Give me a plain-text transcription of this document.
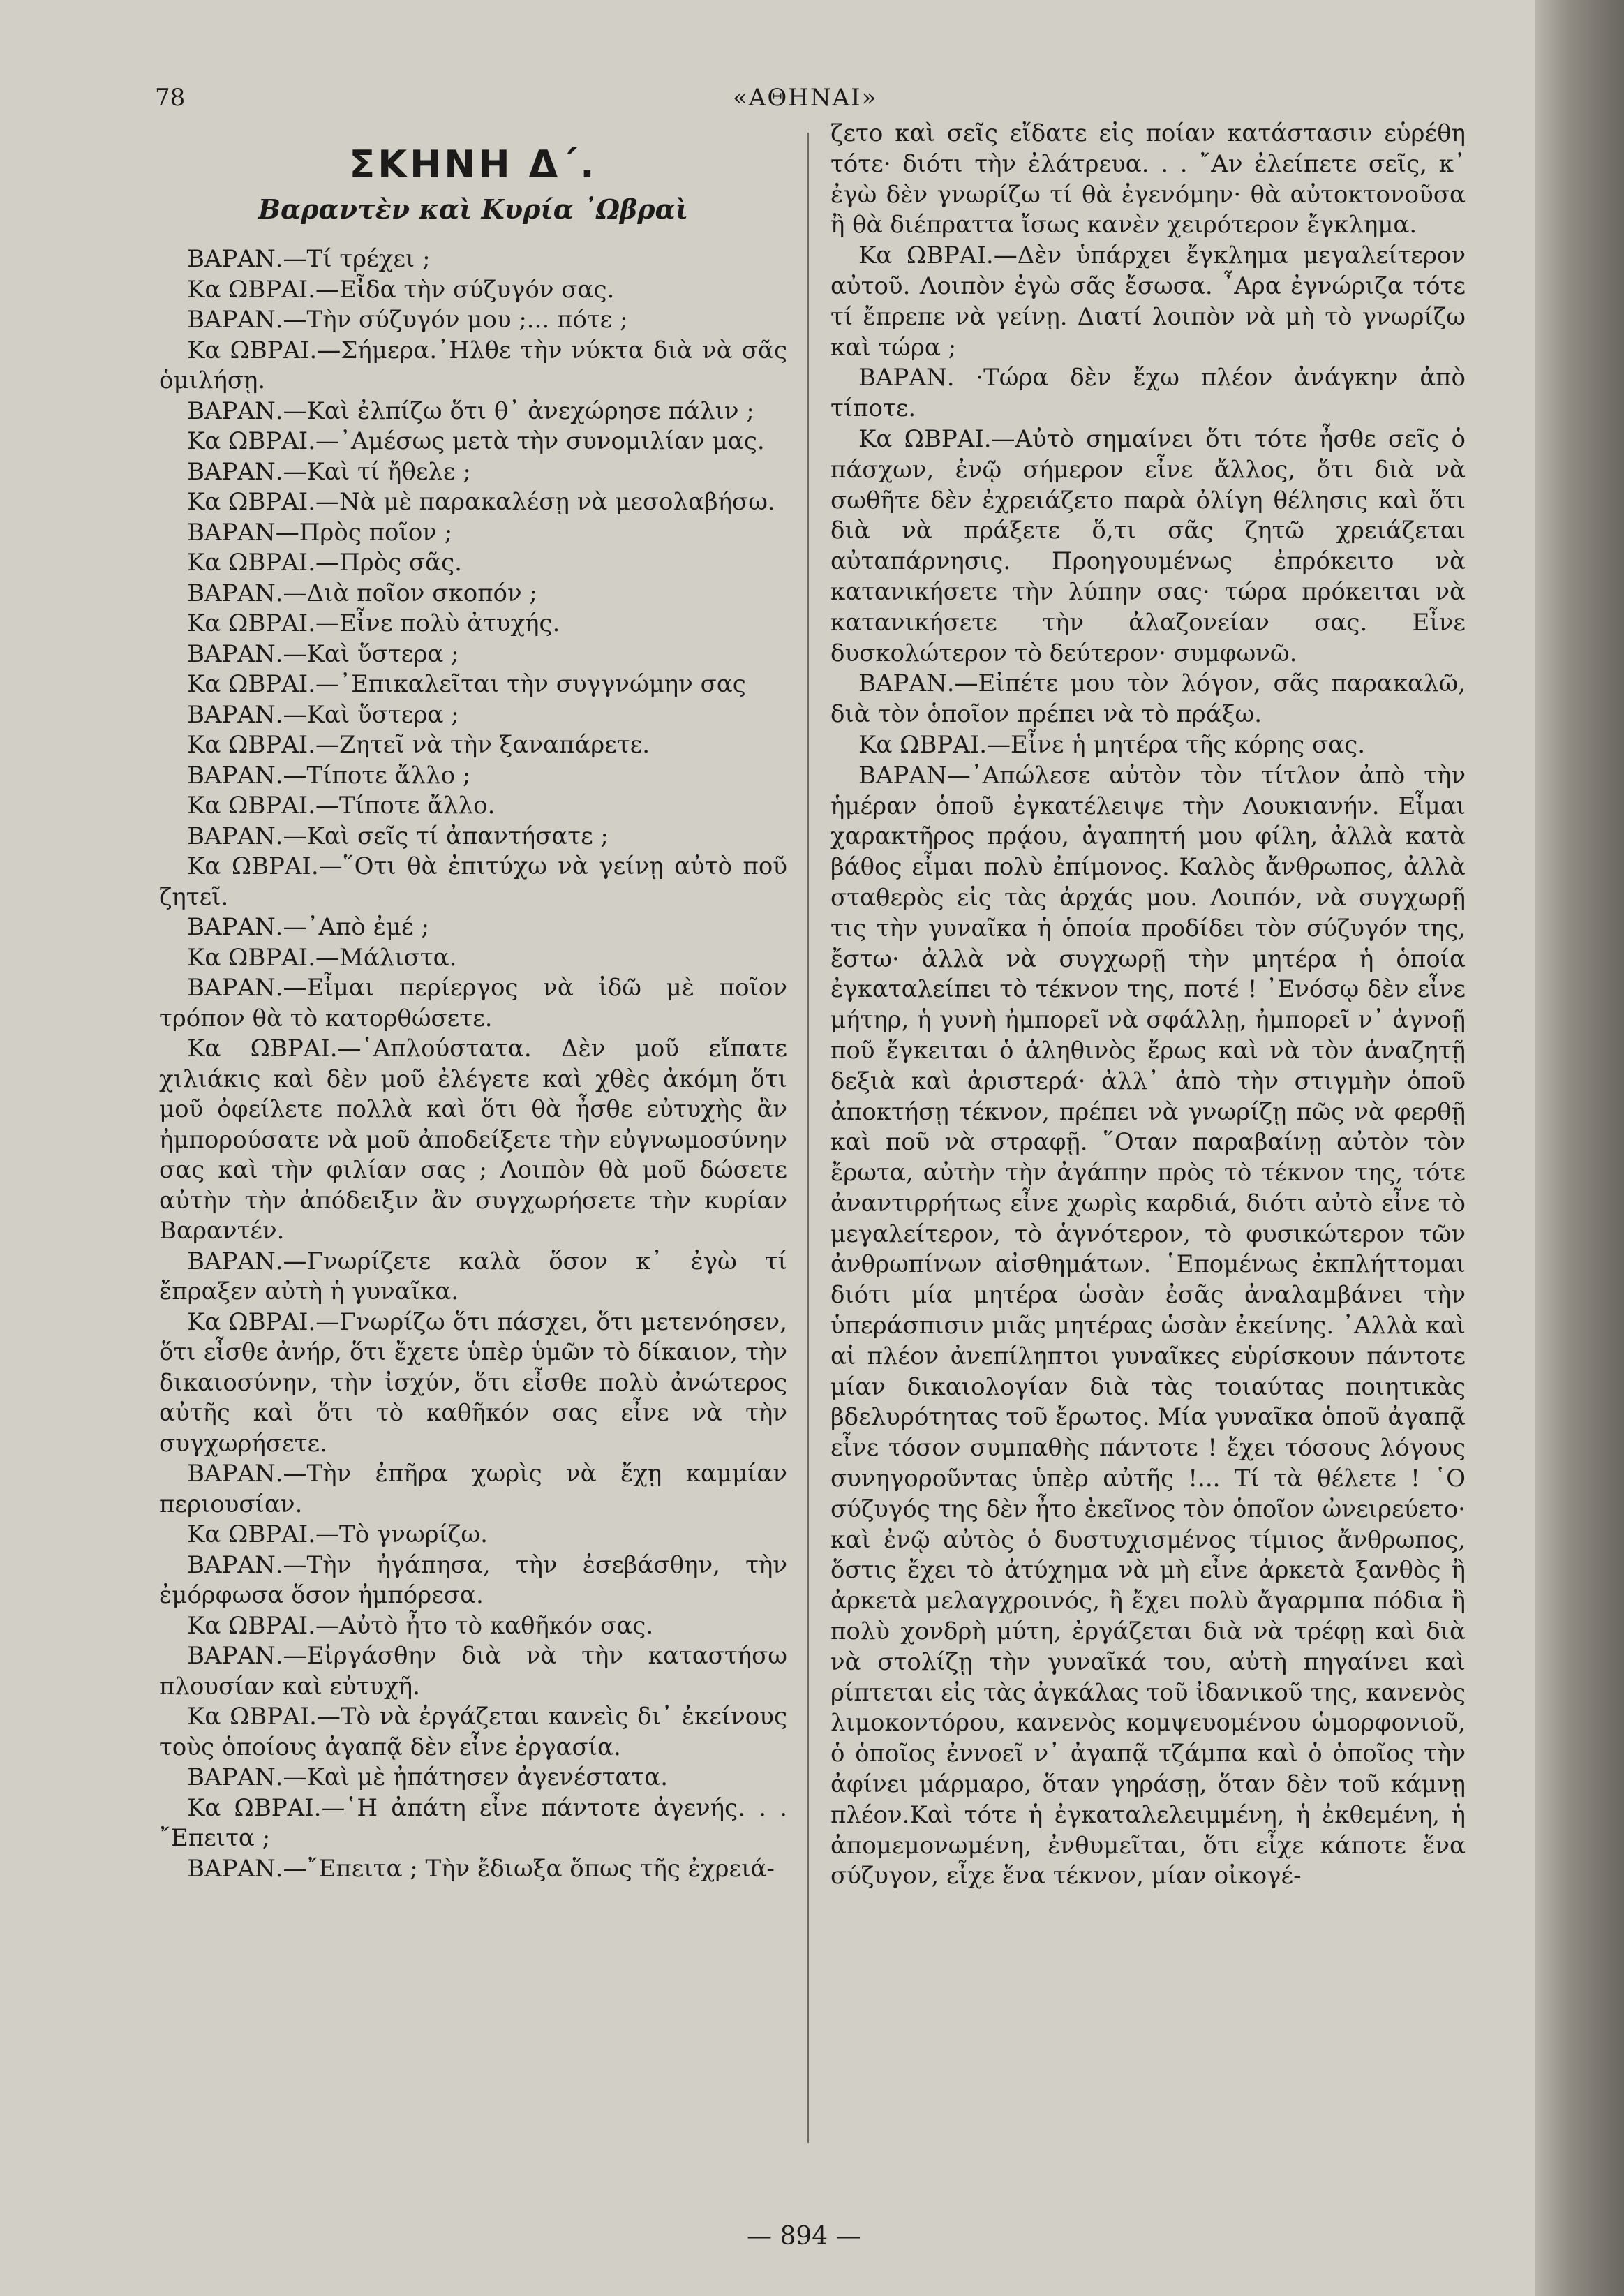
78	«ΑΘΗΝΑΙ»
ΣΚΗΝΗ Δ΄.
Βαραντὲν καὶ Κυρία ᾿Ωβραὶ

ΒΑΡΑΝ.—Τί τρέχει ;

Κα ΩΒΡΑΙ.—Εἶδα τὴν σύζυγόν σας.

ΒΑΡΑΝ.—Τὴν σύζυγόν μου ;... πότε ;

Κα ΩΒΡΑΙ.—Σήμερα.᾿Ηλθε τὴν νύκτα διὰ νὰ σᾶς ὁμιλήσῃ.

ΒΑΡΑΝ.—Καὶ ἐλπίζω ὅτι θ᾿ ἀνεχώρησε πάλιν ;

Κα ΩΒΡΑΙ.—᾿Αμέσως μετὰ τὴν συνομιλίαν μας.

ΒΑΡΑΝ.—Καὶ τί ἤθελε ;

Κα ΩΒΡΑΙ.—Νὰ μὲ παρακαλέσῃ νὰ μεσολαβήσω.

ΒΑΡΑΝ—Πρὸς ποῖον ;

Κα ΩΒΡΑΙ.—Πρὸς σᾶς.

ΒΑΡΑΝ.—Διὰ ποῖον σκοπόν ;

Κα ΩΒΡΑΙ.—Εἶνε πολὺ ἀτυχής.

ΒΑΡΑΝ.—Καὶ ὕστερα ;

Κα ΩΒΡΑΙ.—᾿Επικαλεῖται τὴν συγγνώμην σας

ΒΑΡΑΝ.—Καὶ ὕστερα ;

Κα ΩΒΡΑΙ.—Ζητεῖ νὰ τὴν ξαναπάρετε.

ΒΑΡΑΝ.—Τίποτε ἄλλο ;

Κα ΩΒΡΑΙ.—Τίποτε ἄλλο.

ΒΑΡΑΝ.—Καὶ σεῖς τί ἀπαντήσατε ;

Κα ΩΒΡΑΙ.—῞Οτι θὰ ἐπιτύχω νὰ γείνῃ αὐτὸ ποῦ ζητεῖ.

ΒΑΡΑΝ.—᾿Απὸ ἐμέ ;

Κα ΩΒΡΑΙ.—Μάλιστα.

ΒΑΡΑΝ.—Εἶμαι περίεργος νὰ ἰδῶ μὲ ποῖον τρόπον θὰ τὸ κατορθώσετε.

Κα ΩΒΡΑΙ.—῾Απλούστατα. Δὲν μοῦ εἴπατε χιλιάκις καὶ δὲν μοῦ ἐλέγετε καὶ χθὲς ἀκόμη ὅτι μοῦ ὀφείλετε πολλὰ καὶ ὅτι θὰ ἦσθε εὐτυχὴς ἂν ἠμπορούσατε νὰ μοῦ ἀποδείξετε τὴν εὐγνωμοσύνην σας καὶ τὴν φιλίαν σας ; Λοιπὸν θὰ μοῦ δώσετε αὐτὴν τὴν ἀπόδειξιν ἂν συγχωρήσετε τὴν κυρίαν Βαραντέν.

ΒΑΡΑΝ.—Γνωρίζετε καλὰ ὅσον κ᾿ ἐγὼ τί ἔπραξεν αὐτὴ ἡ γυναῖκα.

Κα ΩΒΡΑΙ.—Γνωρίζω ὅτι πάσχει, ὅτι μετενόησεν, ὅτι εἶσθε ἀνήρ, ὅτι ἔχετε ὑπὲρ ὑμῶν τὸ δίκαιον, τὴν δικαιοσύνην, τὴν ἰσχύν, ὅτι εἶσθε πολὺ ἀνώτερος αὐτῆς καὶ ὅτι τὸ καθῆκόν σας εἶνε νὰ τὴν συγχωρήσετε.

ΒΑΡΑΝ.—Τὴν ἐπῆρα χωρὶς νὰ ἔχῃ καμμίαν περιουσίαν.

Κα ΩΒΡΑΙ.—Τὸ γνωρίζω.

ΒΑΡΑΝ.—Τὴν ἠγάπησα, τὴν ἐσεβάσθην, τὴν ἐμόρφωσα ὅσον ἠμπόρεσα.

Κα ΩΒΡΑΙ.—Αὐτὸ ἦτο τὸ καθῆκόν σας.

ΒΑΡΑΝ.—Εἰργάσθην διὰ νὰ τὴν καταστήσω πλουσίαν καὶ εὐτυχῆ.

Κα ΩΒΡΑΙ.—Τὸ νὰ ἐργάζεται κανεὶς δι᾿ ἐκείνους τοὺς ὁποίους ἀγαπᾷ δὲν εἶνε ἐργασία.

ΒΑΡΑΝ.—Καὶ μὲ ἠπάτησεν ἀγενέστατα.

Κα ΩΒΡΑΙ.—῾Η ἀπάτη εἶνε πάντοτε ἀγενής. . . ῎Επειτα ;

ΒΑΡΑΝ.—῎Επειτα ; Τὴν ἔδιωξα ὅπως τῆς ἐχρειά-

ζετο καὶ σεῖς εἴδατε εἰς ποίαν κατάστασιν εὑρέθη τότε· διότι τὴν ἐλάτρευα. . . ῎Αν ἐλείπετε σεῖς, κ᾿ ἐγὼ δὲν γνωρίζω τί θὰ ἐγενόμην· θὰ αὐτοκτονοῦσα ἢ θὰ διέπραττα ἴσως κανὲν χειρότερον ἔγκλημα.

Κα ΩΒΡΑΙ.—Δὲν ὑπάρχει ἔγκλημα μεγαλείτερον αὐτοῦ. Λοιπὸν ἐγὼ σᾶς ἔσωσα. ῏Αρα ἐγνώριζα τότε τί ἔπρεπε νὰ γείνῃ. Διατί λοιπὸν νὰ μὴ τὸ γνωρίζω καὶ τώρα ;

ΒΑΡΑΝ. ·Τώρα δὲν ἔχω πλέον ἀνάγκην ἀπὸ τίποτε.

Κα ΩΒΡΑΙ.—Αὐτὸ σημαίνει ὅτι τότε ἦσθε σεῖς ὁ πάσχων, ἐνῷ σήμερον εἶνε ἄλλος, ὅτι διὰ νὰ σωθῆτε δὲν ἐχρειάζετο παρὰ ὀλίγη θέλησις καὶ ὅτι διὰ νὰ πράξετε ὅ,τι σᾶς ζητῶ χρειάζεται αὐταπάρνησις. Προηγουμένως ἐπρόκειτο νὰ κατανικήσετε τὴν λύπην σας· τώρα πρόκειται νὰ κατανικήσετε τὴν ἀλαζονείαν σας. Εἶνε δυσκολώτερον τὸ δεύτερον· συμφωνῶ.

ΒΑΡΑΝ.—Εἰπέτε μου τὸν λόγον, σᾶς παρακαλῶ, διὰ τὸν ὁποῖον πρέπει νὰ τὸ πράξω.

Κα ΩΒΡΑΙ.—Εἶνε ἡ μητέρα τῆς κόρης σας.

ΒΑΡΑΝ—᾿Απώλεσε αὐτὸν τὸν τίτλον ἀπὸ τὴν ἡμέραν ὁποῦ ἐγκατέλειψε τὴν Λουκιανήν. Εἶμαι χαρακτῆρος πρᾴου, ἀγαπητή μου φίλη, ἀλλὰ κατὰ βάθος εἶμαι πολὺ ἐπίμονος. Καλὸς ἄνθρωπος, ἀλλὰ σταθερὸς εἰς τὰς ἀρχάς μου. Λοιπόν, νὰ συγχωρῇ τις τὴν γυναῖκα ἡ ὁποία προδίδει τὸν σύζυγόν της, ἔστω· ἀλλὰ νὰ συγχωρῇ τὴν μητέρα ἡ ὁποία ἐγκαταλείπει τὸ τέκνον της, ποτέ ! ᾿Ενόσῳ δὲν εἶνε μήτηρ, ἡ γυνὴ ἠμπορεῖ νὰ σφάλλῃ, ἠμπορεῖ ν᾿ ἀγνοῇ ποῦ ἔγκειται ὁ ἀληθινὸς ἔρως καὶ νὰ τὸν ἀναζητῇ δεξιὰ καὶ ἀριστερά· ἀλλ᾿ ἀπὸ τὴν στιγμὴν ὁποῦ ἀποκτήσῃ τέκνον, πρέπει νὰ γνωρίζῃ πῶς νὰ φερθῇ καὶ ποῦ νὰ στραφῇ. ῞Οταν παραβαίνῃ αὐτὸν τὸν ἔρωτα, αὐτὴν τὴν ἀγάπην πρὸς τὸ τέκνον της, τότε ἀναντιρρήτως εἶνε χωρὶς καρδιά, διότι αὐτὸ εἶνε τὸ μεγαλείτερον, τὸ ἁγνότερον, τὸ φυσικώτερον τῶν ἀνθρωπίνων αἰσθημάτων. ῾Επομένως ἐκπλήττομαι διότι μία μητέρα ὡσὰν ἐσᾶς ἀναλαμβάνει τὴν ὑπεράσπισιν μιᾶς μητέρας ὡσὰν ἐκείνης. ᾿Αλλὰ καὶ αἱ πλέον ἀνεπίληπτοι γυναῖκες εὑρίσκουν πάντοτε μίαν δικαιολογίαν διὰ τὰς τοιαύτας ποιητικὰς βδελυρότητας τοῦ ἔρωτος. Μία γυναῖκα ὁποῦ ἀγαπᾷ εἶνε τόσον συμπαθὴς πάντοτε ! ἔχει τόσους λόγους συνηγοροῦντας ὑπὲρ αὐτῆς !... Τί τὰ θέλετε ! ῾Ο σύζυγός της δὲν ἦτο ἐκεῖνος τὸν ὁποῖον ὠνειρεύετο· καὶ ἐνῷ αὐτὸς ὁ δυστυχισμένος τίμιος ἄνθρωπος, ὅστις ἔχει τὸ ἀτύχημα νὰ μὴ εἶνε ἀρκετὰ ξανθὸς ἢ ἀρκετὰ μελαγχροινός, ἢ ἔχει πολὺ ἄγαρμπα πόδια ἢ πολὺ χονδρὴ μύτη, ἐργάζεται διὰ νὰ τρέφῃ καὶ διὰ νὰ στολίζῃ τὴν γυναῖκά του, αὐτὴ πηγαίνει καὶ ρίπτεται εἰς τὰς ἀγκάλας τοῦ ἰδανικοῦ της, κανενὸς λιμοκοντόρου, κανενὸς κομψευομένου ὡμορφονιοῦ, ὁ ὁποῖος ἐννοεῖ ν᾿ ἀγαπᾷ τζάμπα καὶ ὁ ὁποῖος τὴν ἀφίνει μάρμαρο, ὅταν γηράσῃ, ὅταν δὲν τοῦ κάμνῃ πλέον.Καὶ τότε ἡ ἐγκαταλελειμμένη, ἡ ἐκθεμένη, ἡ ἀπομεμονωμένη, ἐνθυμεῖται, ὅτι εἶχε κάποτε ἕνα σύζυγον, εἶχε ἕνα τέκνον, μίαν οἰκογέ-

— 894 —
